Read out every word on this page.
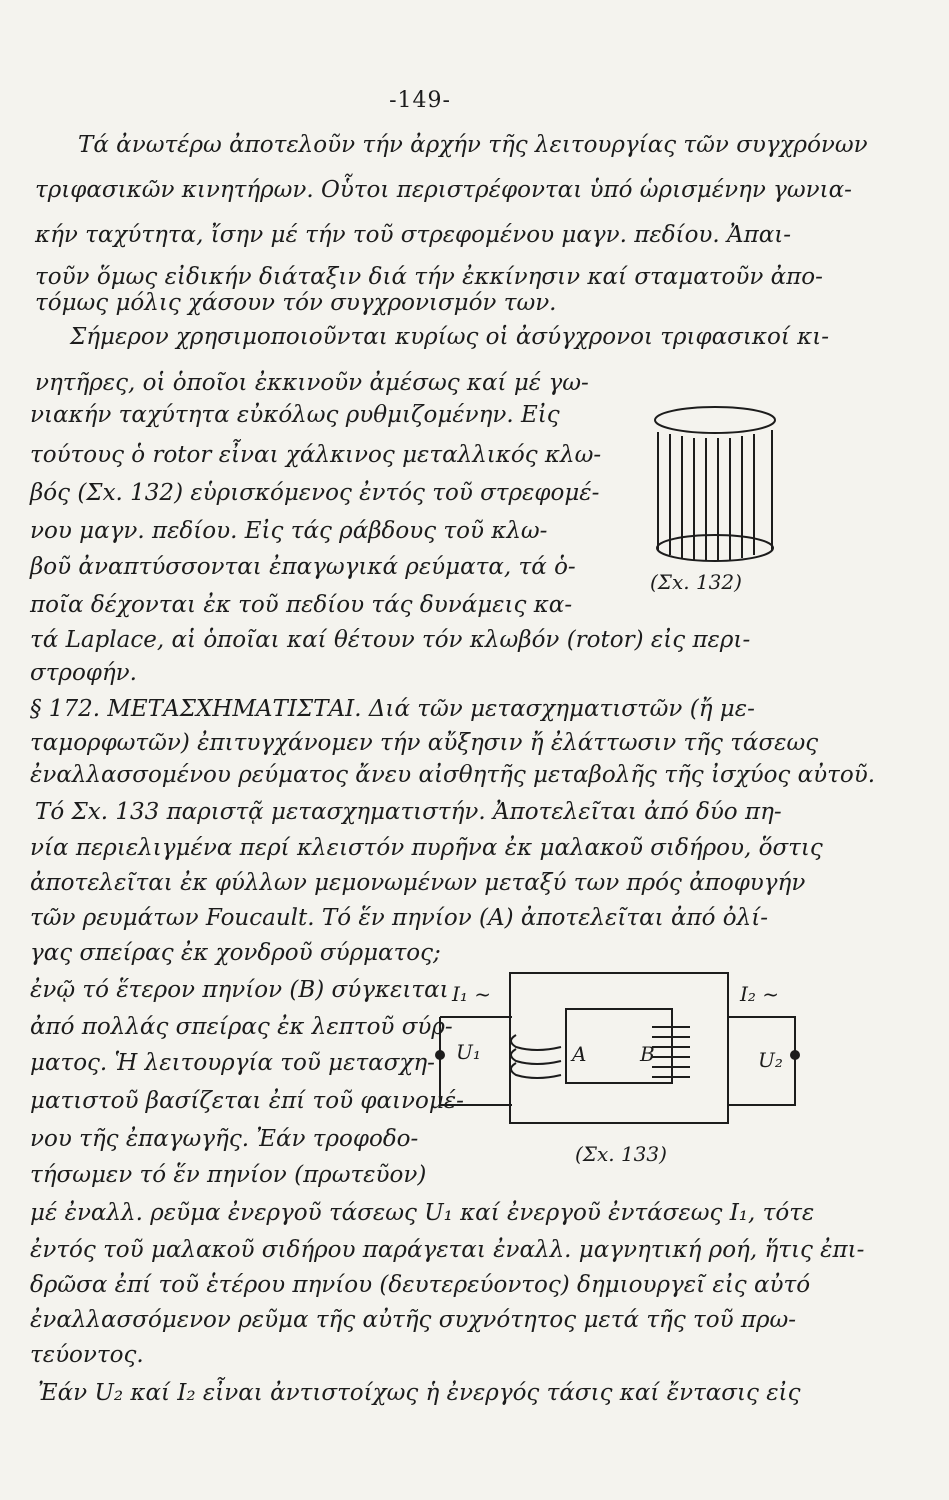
-149-
Τά ἀνωτέρω ἀποτελοῦν τήν ἀρχήν τῆς λειτουργίας τῶν συγχρόνων
τριφασικῶν κινητήρων. Οὗτοι περιστρέφονται ὑπό ὡρισμένην γωνια-
κήν ταχύτητα, ἴσην μέ τήν τοῦ στρεφομένου μαγν. πεδίου. Ἀπαι-
τοῦν ὅμως εἰδικήν διάταξιν διά τήν ἐκκίνησιν καί σταματοῦν ἀπο-
τόμως μόλις χάσουν τόν συγχρονισμόν των.
Σήμερον χρησιμοποιοῦνται κυρίως οἱ ἀσύγχρονοι τριφασικοί κι-
νητῆρες, οἱ ὁποῖοι ἐκκινοῦν ἀμέσως καί μέ γω-
νιακήν ταχύτητα εὐκόλως ρυθμιζομένην. Εἰς
τούτους ὁ rotor εἶναι χάλκινος μεταλλικός κλω-
βός (Σx. 132) εὑρισκόμενος ἐντός τοῦ στρεφομέ-
νου μαγν. πεδίου. Εἰς τάς ράβδους τοῦ κλω-
βοῦ ἀναπτύσσονται ἐπαγωγικά ρεύματα, τά ὁ-
ποῖα δέχονται ἐκ τοῦ πεδίου τάς δυνάμεις κα-
τά Laplace, αἱ ὁποῖαι καί θέτουν τόν κλωβόν (rotor) εἰς περι-
στροφήν.
§ 172. ΜΕΤΑΣΧΗΜΑΤΙΣΤΑΙ. Διά τῶν μετασχηματιστῶν (ἤ με-
ταμορφωτῶν) ἐπιτυγχάνομεν τήν αὔξησιν ἤ ἐλάττωσιν τῆς τάσεως
ἐναλλασσομένου ρεύματος ἄνευ αἰσθητῆς μεταβολῆς τῆς ἰσχύος αὐτοῦ.
Τό Σx. 133 παριστᾷ μετασχηματιστήν. Ἀποτελεῖται ἀπό δύο πη-
νία περιελιγμένα περί κλειστόν πυρῆνα ἐκ μαλακοῦ σιδήρου, ὅστις
ἀποτελεῖται ἐκ φύλλων μεμονωμένων μεταξύ των πρός ἀποφυγήν
τῶν ρευμάτων Foucault. Τό ἕν πηνίον (A) ἀποτελεῖται ἀπό ὀλί-
γας σπείρας ἐκ χονδροῦ σύρματος;
ἐνῷ τό ἕτερον πηνίον (B) σύγκειται
ἀπό πολλάς σπείρας ἐκ λεπτοῦ σύρ-
ματος. Ἡ λειτουργία τοῦ μετασχη-
ματιστοῦ βασίζεται ἐπί τοῦ φαινομέ-
νου τῆς ἐπαγωγῆς. Ἐάν τροφοδο-
τήσωμεν τό ἕν πηνίον (πρωτεῦον)
μέ ἐναλλ. ρεῦμα ἐνεργοῦ τάσεως U₁ καί ἐνεργοῦ ἐντάσεως I₁, τότε
ἐντός τοῦ μαλακοῦ σιδήρου παράγεται ἐναλλ. μαγνητική ροή, ἥτις ἐπι-
δρῶσα ἐπί τοῦ ἑτέρου πηνίου (δευτερεύοντος) δημιουργεῖ εἰς αὐτό
ἐναλλασσόμενον ρεῦμα τῆς αὐτῆς συχνότητος μετά τῆς τοῦ πρω-
τεύοντος.
Ἐάν U₂ καί I₂ εἶναι ἀντιστοίχως ἡ ἐνεργός τάσις καί ἔντασις εἰς
(Σx. 132)
I₁ ~	I₂ ~
U₁	U₂
A	B
(Σx. 133)
